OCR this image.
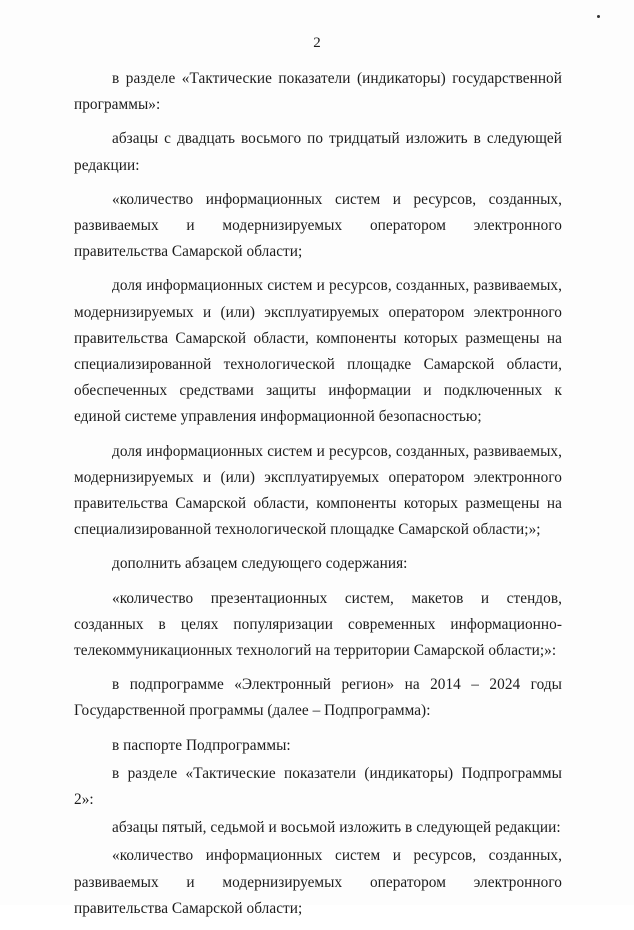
2

в разделе «Тактические показатели (индикаторы) государственной программы»:

абзацы с двадцать восьмого по тридцатый изложить в следующей редакции:

«количество информационных систем и ресурсов, созданных, развиваемых и модернизируемых оператором электронного правительства Самарской области;

доля информационных систем и ресурсов, созданных, развиваемых, модернизируемых и (или) эксплуатируемых оператором электронного правительства Самарской области, компоненты которых размещены на специализированной технологической площадке Самарской области, обеспеченных средствами защиты информации и подключенных к единой системе управления информационной безопасностью;

доля информационных систем и ресурсов, созданных, развиваемых, модернизируемых и (или) эксплуатируемых оператором электронного правительства Самарской области, компоненты которых размещены на специализированной технологической площадке Самарской области;»;

дополнить абзацем следующего содержания:

«количество презентационных систем, макетов и стендов, созданных в целях популяризации современных информационно-телекоммуникационных технологий на территории Самарской области;»:

в подпрограмме «Электронный регион» на 2014 – 2024 годы Государственной программы (далее – Подпрограмма):

в паспорте Подпрограммы:

в разделе «Тактические показатели (индикаторы) Подпрограммы 2»:

абзацы пятый, седьмой и восьмой изложить в следующей редакции:

«количество информационных систем и ресурсов, созданных, развиваемых и модернизируемых оператором электронного правительства Самарской области;
